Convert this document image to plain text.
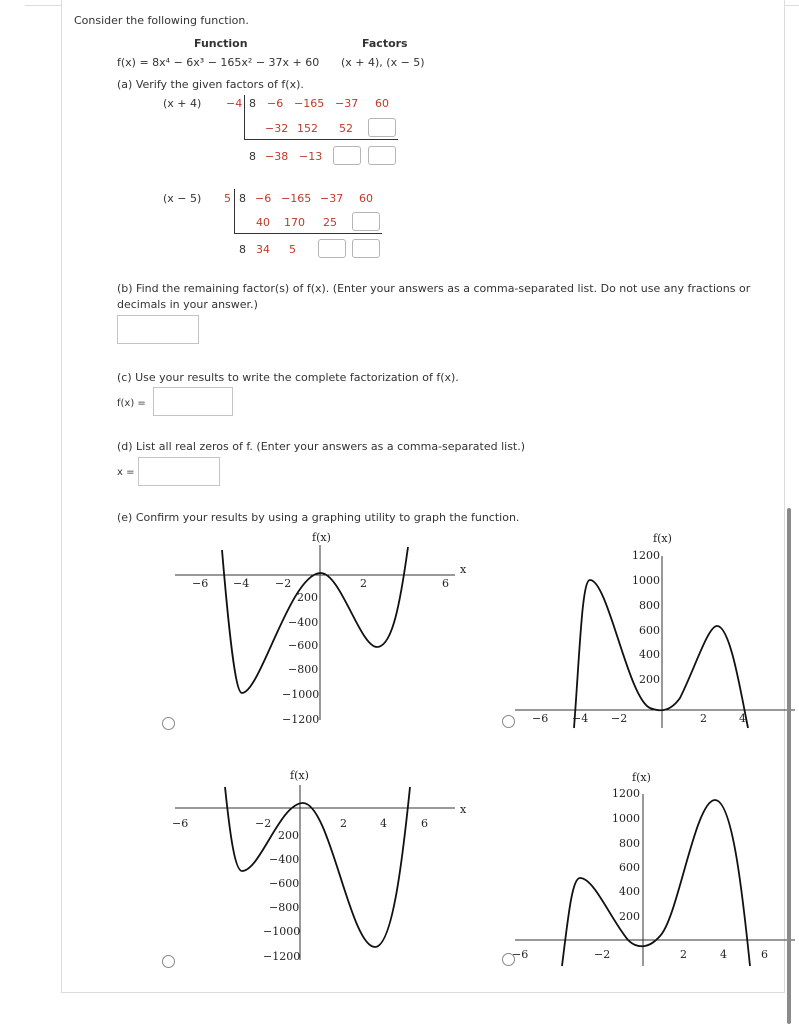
Consider the following function.
Function	Factors
f(x) = 8x⁴ − 6x³ − 165x² − 37x + 60 (x + 4), (x − 5)
(a) Verify the given factors of f(x).
(x + 4) −4 8 −6 −165 −37 60
−32 152 52
8 −38 −13
(x − 5) 5 8 −6 −165 −37 60
40 170 25
8 34 5
(b) Find the remaining factor(s) of f(x). (Enter your answers as a comma-separated list. Do not use any fractions or
decimals in your answer.)
(c) Use your results to write the complete factorization of f(x).
f(x) =
(d) List all real zeros of f. (Enter your answers as a comma-separated list.)
x =
(e) Confirm your results by using a graphing utility to graph the function.
f(x)
x
−6 −4 −2	2	6
200
−400
−600
−800
−1000
−1200
f(x)
−6 −4 −2	2	4
1200
1000
800
600
400
200
f(x)
x
−6	−2	2	4	6
200
−400
−600
−800
−1000
−1200
f(x)
−6	−2	2	4	6
1200
1000
800
600
400
200
